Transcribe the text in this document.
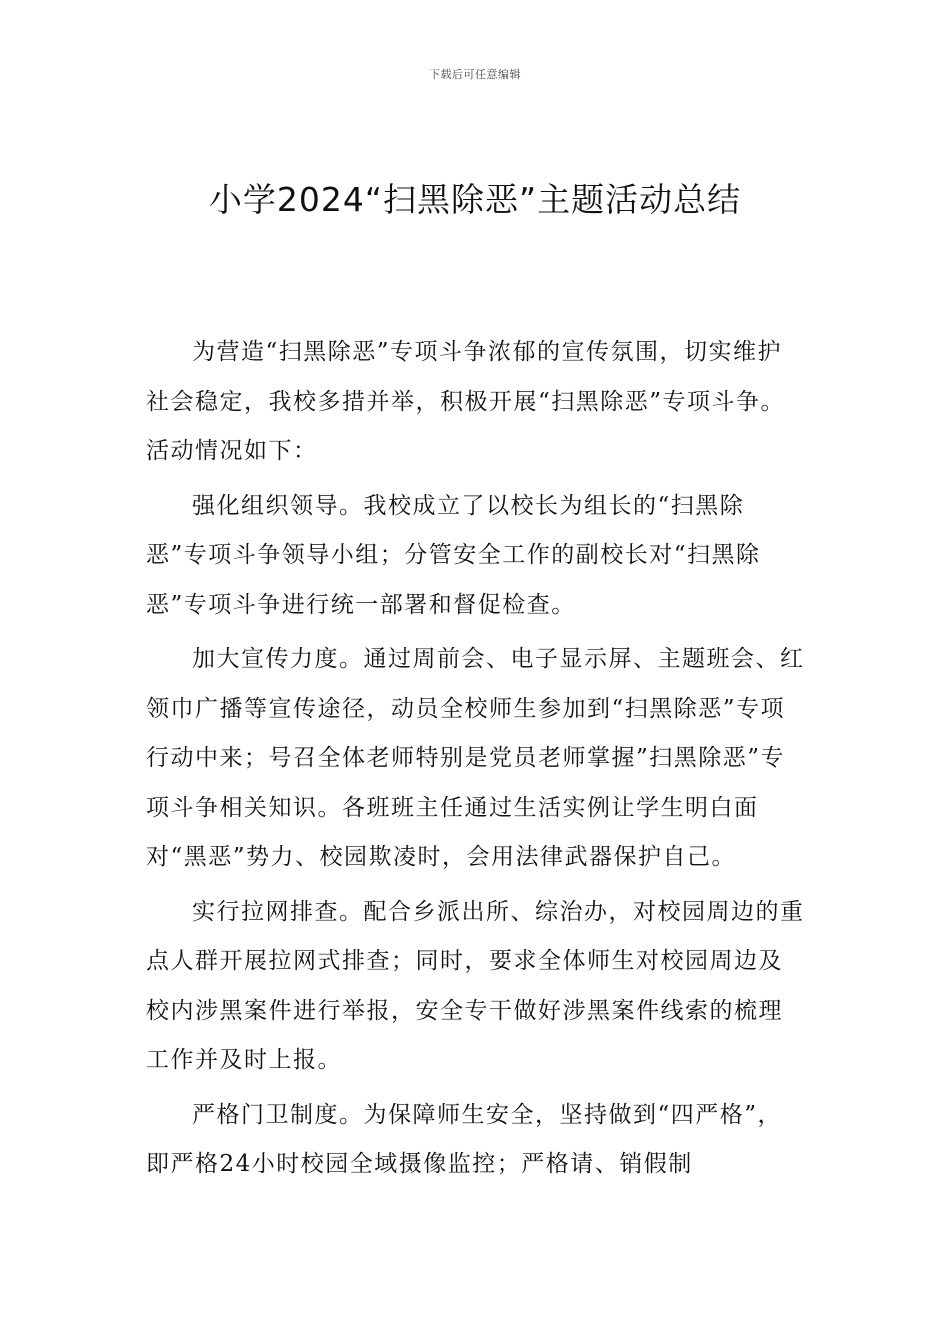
下载后可任意编辑
小学2024“扫黑除恶”主题活动总结

为营造“扫黑除恶”专项斗争浓郁的宣传氛围，切实维护社会稳定，我校多措并举，积极开展“扫黑除恶”专项斗争。活动情况如下：

强化组织领导。我校成立了以校长为组长的“扫黑除恶”专项斗争领导小组；分管安全工作的副校长对“扫黑除恶”专项斗争进行统一部署和督促检查。

加大宣传力度。通过周前会、电子显示屏、主题班会、红领巾广播等宣传途径，动员全校师生参加到“扫黑除恶”专项行动中来；号召全体老师特别是党员老师掌握”扫黑除恶”专项斗争相关知识。各班班主任通过生活实例让学生明白面对“黑恶”势力、校园欺凌时，会用法律武器保护自己。

实行拉网排查。配合乡派出所、综治办，对校园周边的重点人群开展拉网式排查；同时，要求全体师生对校园周边及校内涉黑案件进行举报，安全专干做好涉黑案件线索的梳理工作并及时上报。

严格门卫制度。为保障师生安全，坚持做到“四严格”，即严格24小时校园全域摄像监控；严格请、销假制
